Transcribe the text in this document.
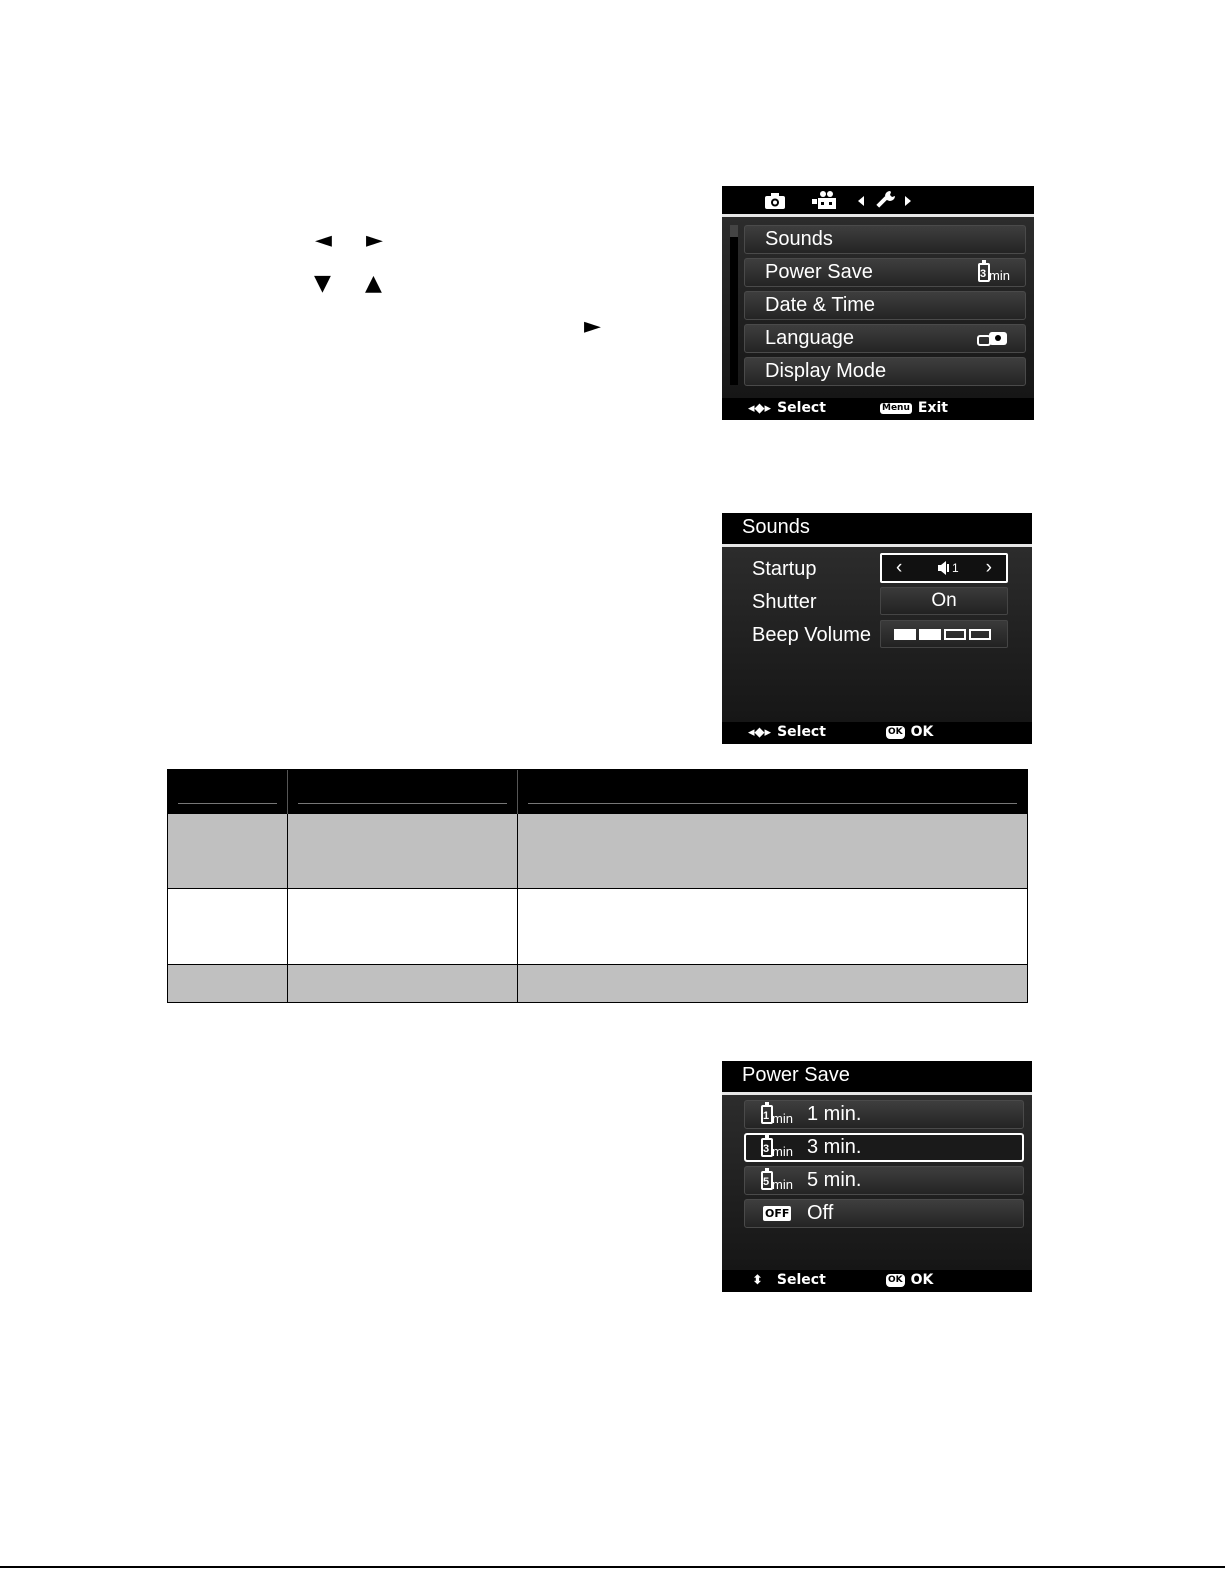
◄ ►
▼ ▲
►
Sounds
Power Save	3 min
Date & Time
Language
Display Mode
◂◆▸ Select	Menu Exit
Sounds
Startup	‹	1 ›
Shutter	On
Beep Volume
◂◆▸ Select	OK OK

Power Save
1 min 1 min.
3 min 3 min.
5 min 5 min.
OFF Off
⬍ Select	OK OK
